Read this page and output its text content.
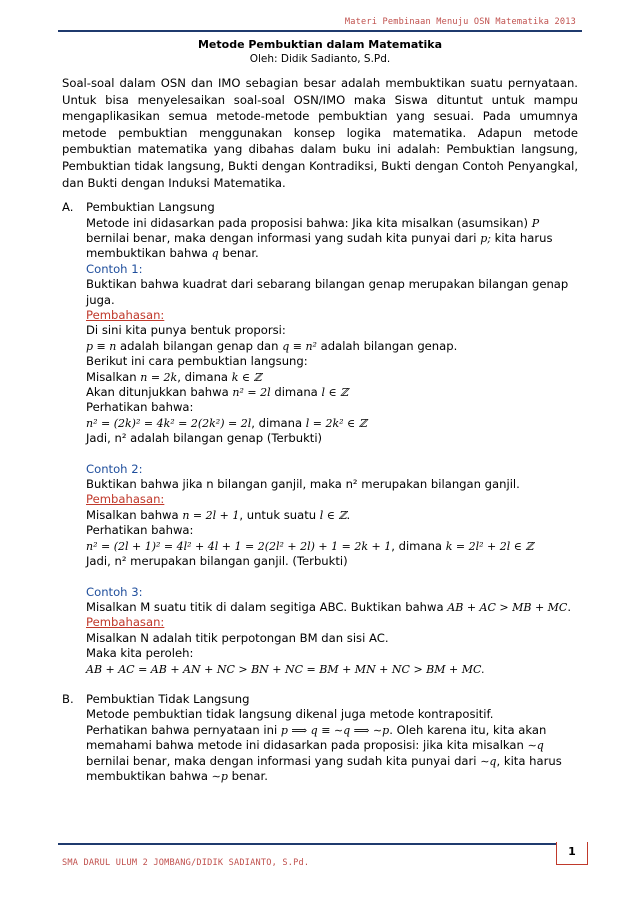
Materi Pembinaan Menuju OSN Matematika 2013

Metode Pembuktian dalam Matematika

Oleh: Didik Sadianto, S.Pd.

Soal-soal dalam OSN dan IMO sebagian besar adalah membuktikan suatu pernyataan. Untuk bisa menyelesaikan soal-soal OSN/IMO maka Siswa dituntut untuk mampu mengaplikasikan semua metode-metode pembuktian yang sesuai. Pada umumnya metode pembuktian menggunakan konsep logika matematika. Adapun metode pembuktian matematika yang dibahas dalam buku ini adalah: Pembuktian langsung, Pembuktian tidak langsung, Bukti dengan Kontradiksi, Bukti dengan Contoh Penyangkal, dan Bukti dengan Induksi Matematika.

A.	Pembuktian Langsung

Metode ini didasarkan pada proposisi bahwa: Jika kita misalkan (asumsikan) P

bernilai benar, maka dengan informasi yang sudah kita punyai dari p; kita harus

membuktikan bahwa q benar.

Contoh 1:

Buktikan bahwa kuadrat dari sebarang bilangan genap merupakan bilangan genap juga.

Pembahasan:

Di sini kita punya bentuk proporsi:

p ≡ n adalah bilangan genap dan q ≡ n² adalah bilangan genap.

Berikut ini cara pembuktian langsung:

Misalkan n = 2k, dimana k ∈ ℤ

Akan ditunjukkan bahwa n² = 2l dimana l ∈ ℤ

Perhatikan bahwa:

n² = (2k)² = 4k² = 2(2k²) = 2l, dimana l = 2k² ∈ ℤ

Jadi, n² adalah bilangan genap (Terbukti)

Contoh 2:

Buktikan bahwa jika n bilangan ganjil, maka n² merupakan bilangan ganjil.

Pembahasan:

Misalkan bahwa n = 2l + 1, untuk suatu l ∈ ℤ.

Perhatikan bahwa:

n² = (2l + 1)² = 4l² + 4l + 1 = 2(2l² + 2l) + 1 = 2k + 1, dimana k = 2l² + 2l ∈ ℤ

Jadi, n² merupakan bilangan ganjil. (Terbukti)

Contoh 3:

Misalkan M suatu titik di dalam segitiga ABC. Buktikan bahwa AB + AC > MB + MC.

Pembahasan:

Misalkan N adalah titik perpotongan BM dan sisi AC.

Maka kita peroleh:

AB + AC = AB + AN + NC > BN + NC = BM + MN + NC > BM + MC.

B.	Pembuktian Tidak Langsung

Metode pembuktian tidak langsung dikenal juga metode kontrapositif.

Perhatikan bahwa pernyataan ini p ⟹ q ≡ ∼q ⟹ ∼p. Oleh karena itu, kita akan

memahami bahwa metode ini didasarkan pada proposisi: jika kita misalkan ∼q

bernilai benar, maka dengan informasi yang sudah kita punyai dari ∼q, kita harus

membuktikan bahwa ∼p benar.

1
SMA DARUL ULUM 2 JOMBANG/DIDIK SADIANTO, S.Pd.
